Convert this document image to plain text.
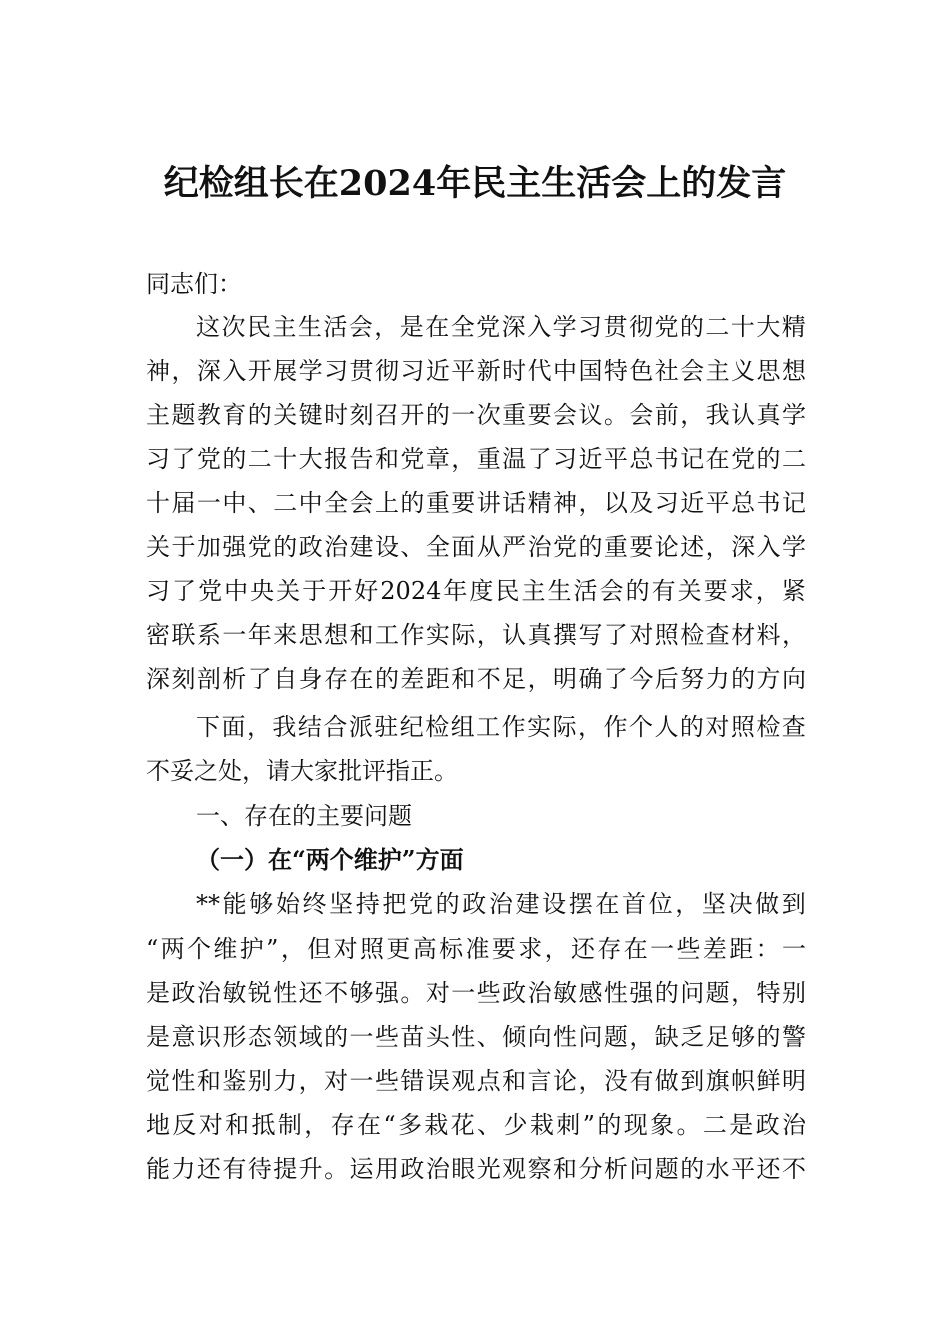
纪检组长在2024年民主生活会上的发言

同志们：

这 次 民 主 生 活 会 ， 是 在 全 党 深 入 学 习 贯 彻 党 的 二 十 大 精

神 ， 深 入 开 展 学 习 贯 彻 习 近 平 新 时 代 中 国 特 色 社 会 主 义 思 想

主 题 教 育 的 关 键 时 刻 召 开 的 一 次 重 要 会 议 。 会 前 ， 我 认 真 学

习 了 党 的 二 十 大 报 告 和 党 章 ， 重 温 了 习 近 平 总 书 记 在 党 的 二

十 届 一 中 、 二 中 全 会 上 的 重 要 讲 话 精 神 ， 以 及 习 近 平 总 书 记

关 于 加 强 党 的 政 治 建 设 、 全 面 从 严 治 党 的 重 要 论 述 ， 深 入 学

习 了 党 中 央 关 于 开 好 2024 年 度 民 主 生 活 会 的 有 关 要 求 ， 紧

密 联 系 一 年 来 思 想 和 工 作 实 际 ， 认 真 撰 写 了 对 照 检 查 材 料 ，

深 刻 剖 析 了 自 身 存 在 的 差 距 和 不 足 ， 明 确 了 今 后 努 力 的 方 向

下 面 ， 我 结 合 派 驻 纪 检 组 工 作 实 际 ， 作 个 人 的 对 照 检 查

不妥之处，请大家批评指正。

一、存在的主要问题

（一）在“两个维护”方面

** 能 够 始 终 坚 持 把 党 的 政 治 建 设 摆 在 首 位 ， 坚 决 做 到

“ 两 个 维 护 ” ， 但 对 照 更 高 标 准 要 求 ， 还 存 在 一 些 差 距 ： 一

是 政 治 敏 锐 性 还 不 够 强 。 对 一 些 政 治 敏 感 性 强 的 问 题 ， 特 别

是 意 识 形 态 领 域 的 一 些 苗 头 性 、 倾 向 性 问 题 ， 缺 乏 足 够 的 警

觉 性 和 鉴 别 力 ， 对 一 些 错 误 观 点 和 言 论 ， 没 有 做 到 旗 帜 鲜 明

地 反 对 和 抵 制 ， 存 在 “ 多 栽 花 、 少 栽 刺 ” 的 现 象 。 二 是 政 治

能 力 还 有 待 提 升 。 运 用 政 治 眼 光 观 察 和 分 析 问 题 的 水 平 还 不
